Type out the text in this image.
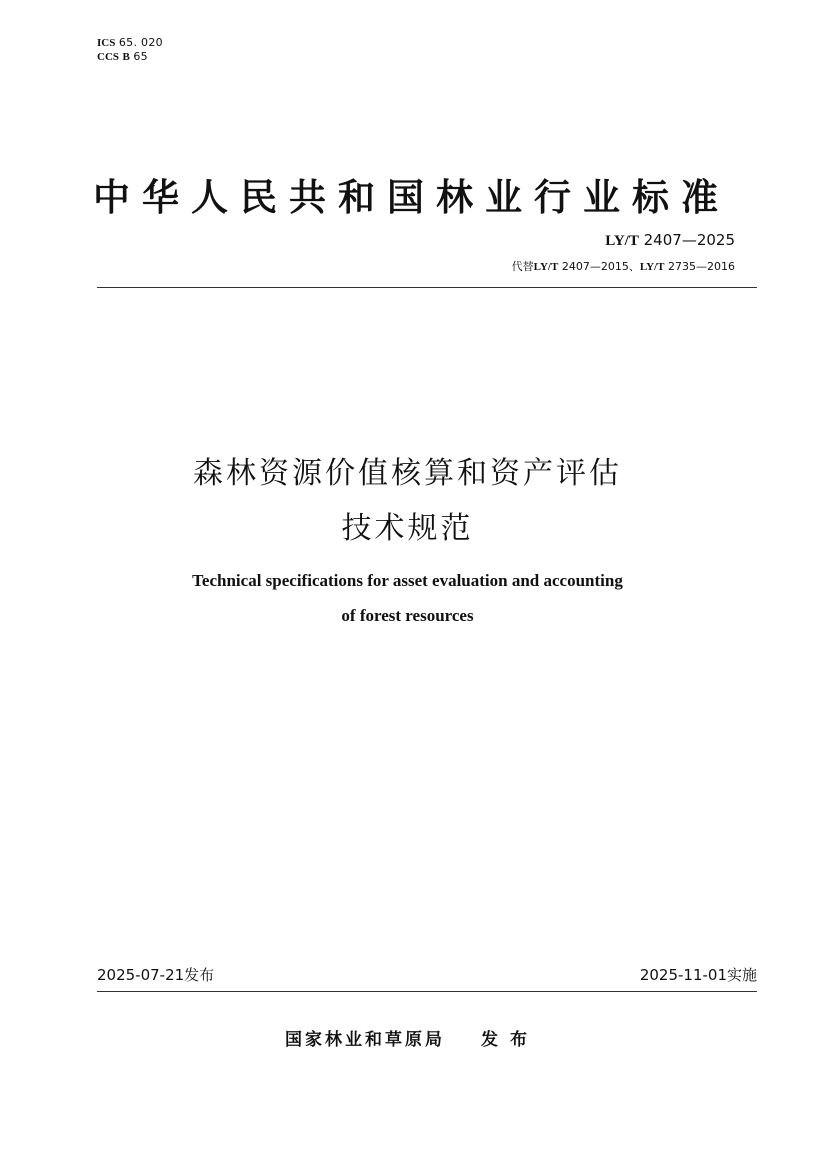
ICS 65. 020
CCS B 65
中华人民共和国林业行业标准
LY/T 2407—2025
代替LY/T 2407—2015、LY/T 2735—2016
森林资源价值核算和资产评估
技术规范
Technical specifications for asset evaluation and accounting
of forest resources
2025-07-21发布	2025-11-01实施
国家林业和草原局 发 布
